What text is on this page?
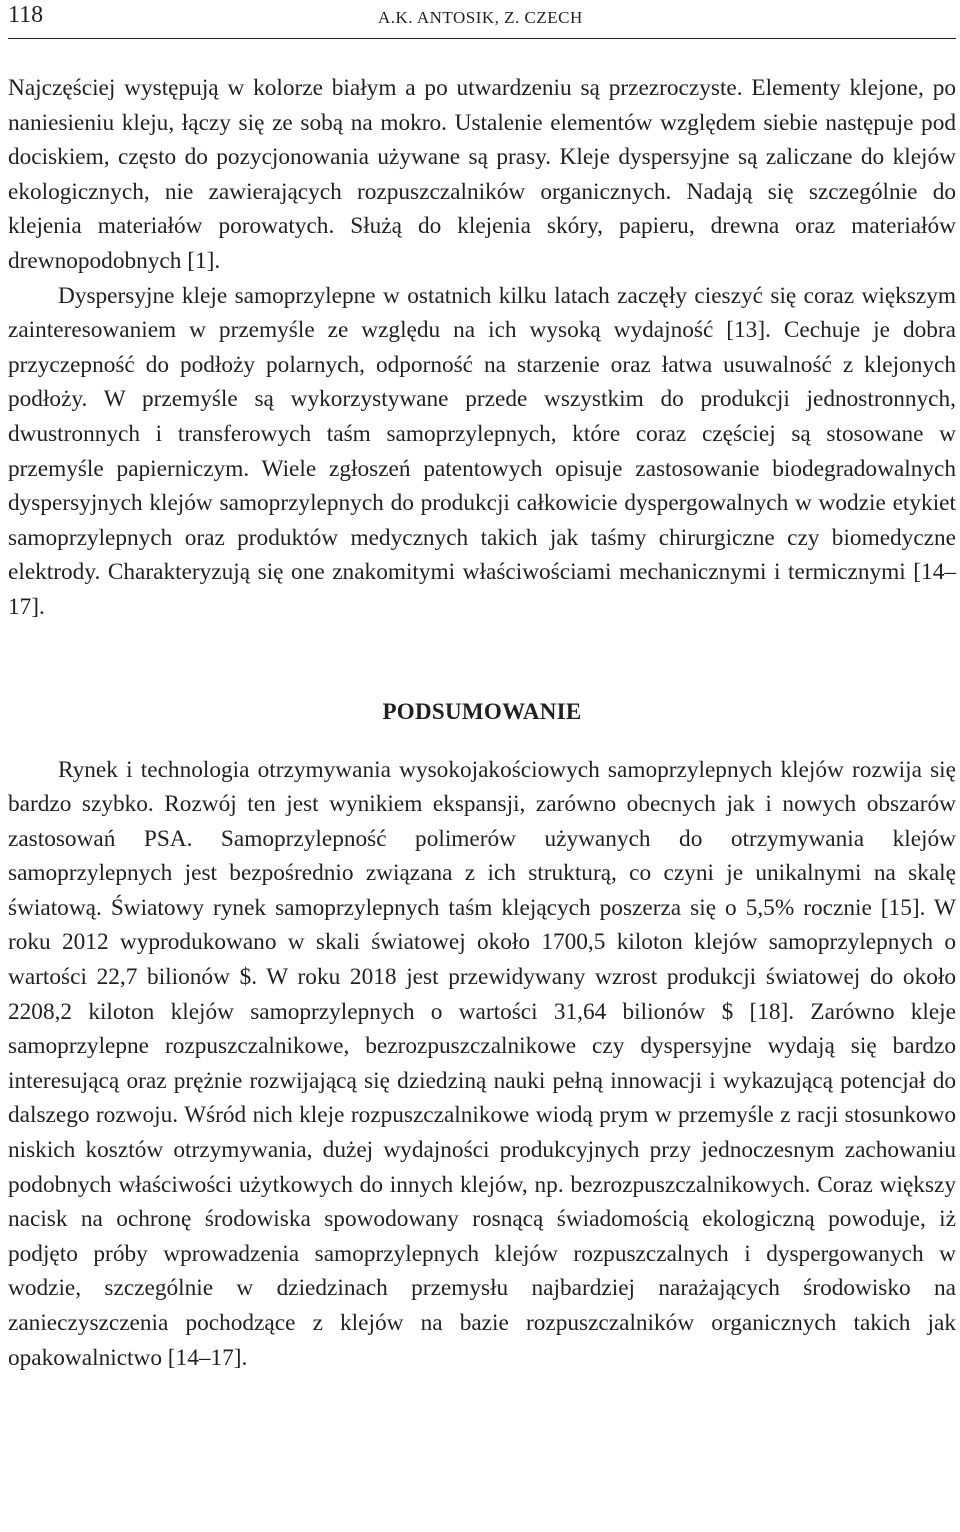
118	A.K. ANTOSIK, Z. CZECH

Najczęściej występują w kolorze białym a po utwardzeniu są przezroczyste. Elementy klejone, po naniesieniu kleju, łączy się ze sobą na mokro. Ustalenie elementów względem siebie następuje pod dociskiem, często do pozycjonowania używane są prasy. Kleje dyspersyjne są zaliczane do klejów ekologicznych, nie zawierających rozpuszczalników organicznych. Nadają się szczególnie do klejenia materiałów porowatych. Służą do klejenia skóry, papieru, drewna oraz materiałów drewnopodobnych [1].

Dyspersyjne kleje samoprzylepne w ostatnich kilku latach zaczęły cieszyć się coraz większym zainteresowaniem w przemyśle ze względu na ich wysoką wydajność [13]. Cechuje je dobra przyczepność do podłoży polarnych, odporność na starzenie oraz łatwa usuwalność z klejonych podłoży. W przemyśle są wykorzystywane przede wszystkim do produkcji jednostronnych, dwustronnych i transferowych taśm samoprzylepnych, które coraz częściej są stosowane w przemyśle papierniczym. Wiele zgłoszeń patentowych opisuje zastosowanie biodegradowalnych dyspersyjnych klejów samoprzylepnych do produkcji całkowicie dyspergowalnych w wodzie etykiet samoprzylepnych oraz produktów medycznych takich jak taśmy chirurgiczne czy biomedyczne elektrody. Charakteryzują się one znakomitymi właściwościami mechanicznymi i termicznymi [14–17].

PODSUMOWANIE

Rynek i technologia otrzymywania wysokojakościowych samoprzylepnych klejów rozwija się bardzo szybko. Rozwój ten jest wynikiem ekspansji, zarówno obecnych jak i nowych obszarów zastosowań PSA. Samoprzylepność polimerów używanych do otrzymywania klejów samoprzylepnych jest bezpośrednio związana z ich strukturą, co czyni je unikalnymi na skalę światową. Światowy rynek samoprzylepnych taśm klejących poszerza się o 5,5% rocznie [15]. W roku 2012 wyprodukowano w skali światowej około 1700,5 kiloton klejów samoprzylepnych o wartości 22,7 bilionów $. W roku 2018 jest przewidywany wzrost produkcji światowej do około 2208,2 kiloton klejów samoprzylepnych o wartości 31,64 bilionów $ [18]. Zarówno kleje samoprzylepne rozpuszczalnikowe, bezrozpuszczalnikowe czy dyspersyjne wydają się bardzo interesującą oraz prężnie rozwijającą się dziedziną nauki pełną innowacji i wykazującą potencjał do dalszego rozwoju. Wśród nich kleje rozpuszczalnikowe wiodą prym w przemyśle z racji stosunkowo niskich kosztów otrzymywania, dużej wydajności produkcyjnych przy jednoczesnym zachowaniu podobnych właściwości użytkowych do innych klejów, np. bezrozpuszczalnikowych. Coraz większy nacisk na ochronę środowiska spowodowany rosnącą świadomością ekologiczną powoduje, iż podjęto próby wprowadzenia samoprzylepnych klejów rozpuszczalnych i dyspergowanych w wodzie, szczególnie w dziedzinach przemysłu najbardziej narażających środowisko na zanieczyszczenia pochodzące z klejów na bazie rozpuszczalników organicznych takich jak opakowalnictwo [14–17].
